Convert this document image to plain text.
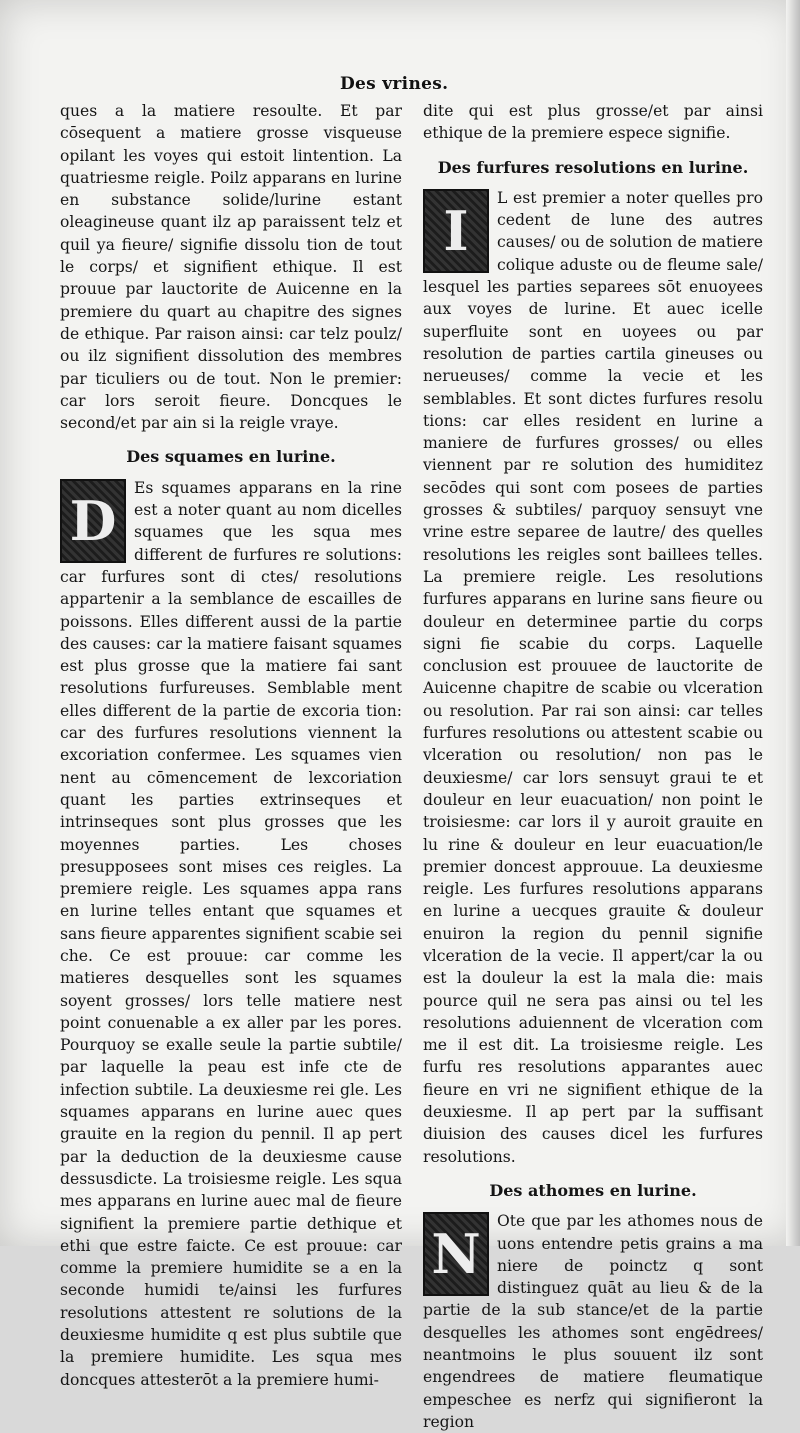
Des vrines.

ques a la matiere resoulte. Et par cōsequent a matiere grosse visqueuse opilant les voyes qui estoit lintention. La quatriesme reigle. Poilz apparans en lurine en substance solide/lurine estant oleagineuse quant ilz ap paraissent telz et quil ya fieure/ signifie dissolu tion de tout le corps/ et signifient ethique. Il est prouue par lauctorite de Auicenne en la premiere du quart au chapitre des signes de ethique. Par raison ainsi: car telz poulz/ ou ilz signifient dissolution des membres par ticuliers ou de tout. Non le premier: car lors seroit fieure. Doncques le second/et par ain si la reigle vraye.

Des squames en lurine.

D
Es squames apparans en la rine est a noter quant au nom dicelles squames que les squa mes different de furfures re solutions: car furfures sont di ctes/ resolutions appartenir a la semblance de escailles de poissons. Elles different aussi de la partie des causes: car la matiere faisant squames est plus grosse que la matiere fai sant resolutions furfureuses. Semblable ment elles different de la partie de excoria tion: car des furfures resolutions viennent la excoriation confermee. Les squames vien nent au cōmencement de lexcoriation quant les parties extrinseques et intrinseques sont plus grosses que les moyennes parties. Les choses presupposees sont mises ces reigles. La premiere reigle. Les squames appa rans en lurine telles entant que squames et sans fieure apparentes signifient scabie sei che. Ce est prouue: car comme les matieres desquelles sont les squames soyent grosses/ lors telle matiere nest point conuenable a ex aller par les pores. Pourquoy se exalle seule la partie subtile/ par laquelle la peau est infe cte de infection subtile. La deuxiesme rei gle. Les squames apparans en lurine auec ques grauite en la region du pennil. Il ap pert par la deduction de la deuxiesme cause dessusdicte. La troisiesme reigle. Les squa mes apparans en lurine auec mal de fieure signifient la premiere partie dethique et ethi que estre faicte. Ce est prouue: car comme la premiere humidite se a en la seconde humidi te/ainsi les furfures resolutions attestent re solutions de la deuxiesme humidite q est plus subtile que la premiere humidite. Les squa mes doncques attesterōt a la premiere humi-

dite qui est plus grosse/et par ainsi ethique de la premiere espece signifie.

Des furfures resolutions en lurine.

I
L est premier a noter quelles pro cedent de lune des autres causes/ ou de solution de matiere colique aduste ou de fleume sale/ lesquel les parties separees sōt enuoyees aux voyes de lurine. Et auec icelle superfluite sont en uoyees ou par resolution de parties cartila gineuses ou nerueuses/ comme la vecie et les semblables. Et sont dictes furfures resolu tions: car elles resident en lurine a maniere de furfures grosses/ ou elles viennent par re solution des humiditez secōdes qui sont com posees de parties grosses & subtiles/ parquoy sensuyt vne vrine estre separee de lautre/ des quelles resolutions les reigles sont baillees telles. La premiere reigle. Les resolutions furfures apparans en lurine sans fieure ou douleur en determinee partie du corps signi fie scabie du corps. Laquelle conclusion est prouuee de lauctorite de Auicenne chapitre de scabie ou vlceration ou resolution. Par rai son ainsi: car telles furfures resolutions ou attestent scabie ou vlceration ou resolution/ non pas le deuxiesme/ car lors sensuyt graui te et douleur en leur euacuation/ non point le troisiesme: car lors il y auroit grauite en lu rine & douleur en leur euacuation/le premier doncest approuue. La deuxiesme reigle. Les furfures resolutions apparans en lurine a uecques grauite & douleur enuiron la region du pennil signifie vlceration de la vecie. Il appert/car la ou est la douleur la est la mala die: mais pource quil ne sera pas ainsi ou tel les resolutions aduiennent de vlceration com me il est dit. La troisiesme reigle. Les furfu res resolutions apparantes auec fieure en vri ne signifient ethique de la deuxiesme. Il ap pert par la suffisant diuision des causes dicel les furfures resolutions.

Des athomes en lurine.

N
Ote que par les athomes nous de uons entendre petis grains a ma niere de poinctz q sont distinguez quāt au lieu & de la partie de la sub stance/et de la partie desquelles les athomes sont engēdrees/ neantmoins le plus souuent ilz sont engendrees de matiere fleumatique empeschee es nerfz qui signifieront la region
